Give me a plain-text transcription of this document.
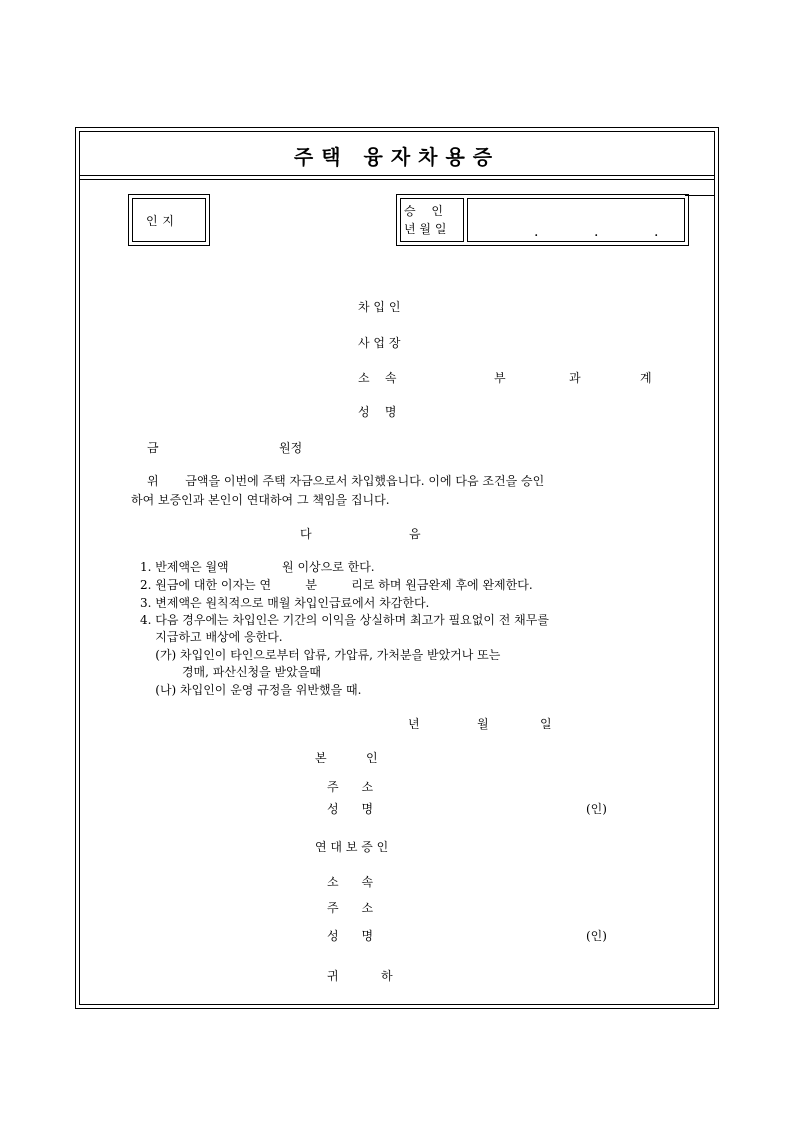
주택 융자차용증
인 지
승 인
년 월 일	.	.	.
차 입 인
사 업 장
소    속	부	과	계
성    명
금	원정
위       금액을 이번에 주택 자금으로서 차입했읍니다. 이에 다음 조건을 승인
하여 보증인과 본인이 연대하여 그 책임을 집니다.
다	음
1. 반제액은 월액              원 이상으로 한다.
2. 원금에 대한 이자는 연         분         리로 하며 원금완제 후에 완제한다.
3. 변제액은 원칙적으로 매월 차입인급료에서 차감한다.
4. 다음 경우에는 차입인은 기간의 이익을 상실하며 최고가 필요없이 전 채무를
지급하고 배상에 응한다.
(가) 차입인이 타인으로부터 압류, 가압류, 가처분을 받았거나 또는
경매, 파산신청을 받았을때
(나) 차입인이 운영 규정을 위반했을 때.
년	월	일
본	인
주      소
성      명	(인)
연 대 보 증 인
소      속
주      소
성      명	(인)
귀	하
